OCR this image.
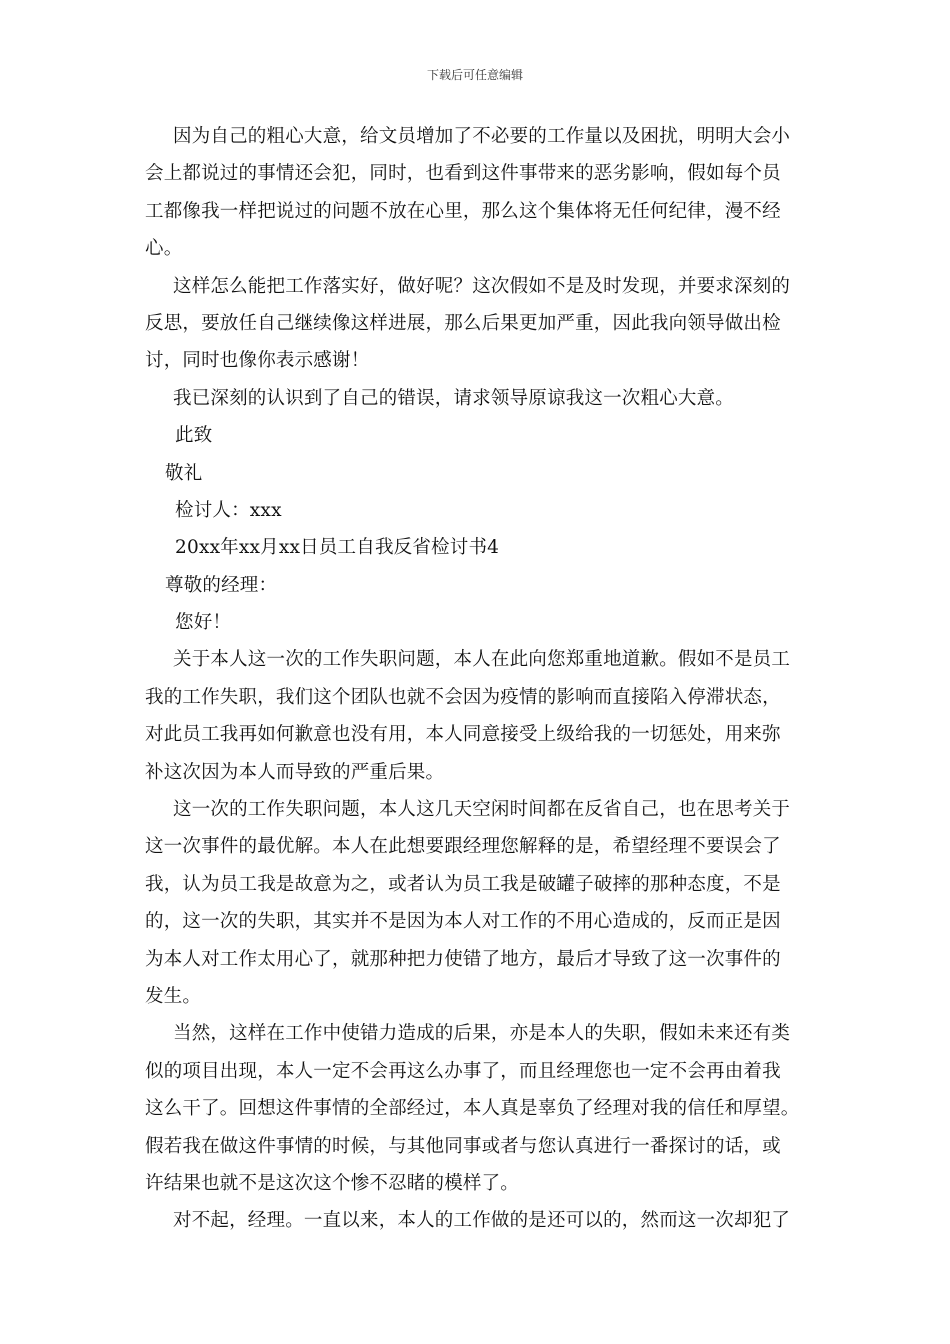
下载后可任意编辑
因为自己的粗心大意，给文员增加了不必要的工作量以及困扰，明明大会小
会上都说过的事情还会犯，同时，也看到这件事带来的恶劣影响，假如每个员
工都像我一样把说过的问题不放在心里，那么这个集体将无任何纪律，漫不经
心。
这样怎么能把工作落实好，做好呢？这次假如不是及时发现，并要求深刻的
反思，要放任自己继续像这样进展，那么后果更加严重，因此我向领导做出检
讨，同时也像你表示感谢！
我已深刻的认识到了自己的错误，请求领导原谅我这一次粗心大意。
此致
敬礼
检讨人：xxx
20xx年xx月xx日员工自我反省检讨书4
尊敬的经理：
您好！
关于本人这一次的工作失职问题，本人在此向您郑重地道歉。假如不是员工
我的工作失职，我们这个团队也就不会因为疫情的影响而直接陷入停滞状态，
对此员工我再如何歉意也没有用，本人同意接受上级给我的一切惩处，用来弥
补这次因为本人而导致的严重后果。
这一次的工作失职问题，本人这几天空闲时间都在反省自己，也在思考关于
这一次事件的最优解。本人在此想要跟经理您解释的是，希望经理不要误会了
我，认为员工我是故意为之，或者认为员工我是破罐子破摔的那种态度，不是
的，这一次的失职，其实并不是因为本人对工作的不用心造成的，反而正是因
为本人对工作太用心了，就那种把力使错了地方，最后才导致了这一次事件的
发生。
当然，这样在工作中使错力造成的后果，亦是本人的失职，假如未来还有类
似的项目出现，本人一定不会再这么办事了，而且经理您也一定不会再由着我
这么干了。回想这件事情的全部经过，本人真是辜负了经理对我的信任和厚望。
假若我在做这件事情的时候，与其他同事或者与您认真进行一番探讨的话，或
许结果也就不是这次这个惨不忍睹的模样了。
对不起，经理。一直以来，本人的工作做的是还可以的，然而这一次却犯了
